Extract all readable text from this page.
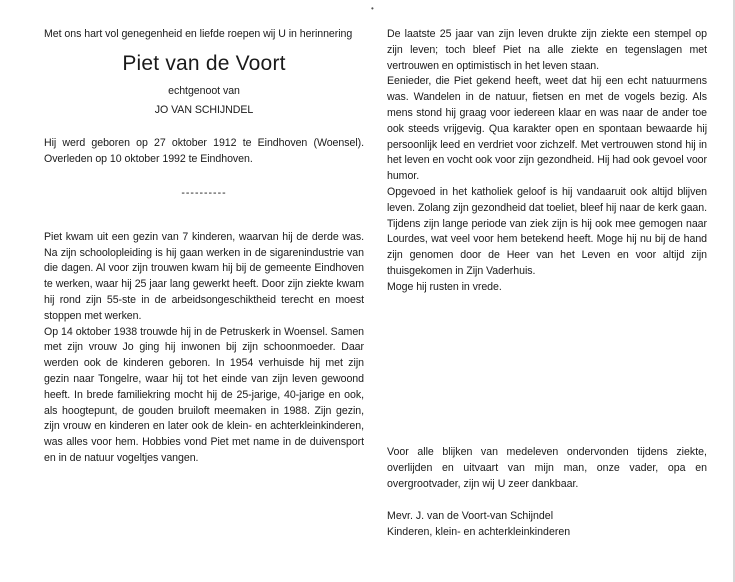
•

Met ons hart vol genegenheid en liefde roepen wij U in herinnering

Piet van de Voort

echtgenoot van

JO VAN SCHIJNDEL

Hij werd geboren op 27 oktober 1912 te Eindhoven (Woensel). Overleden op 10 oktober 1992 te Eindhoven.

----------

Piet kwam uit een gezin van 7 kinderen, waarvan hij de derde was. Na zijn schoolopleiding is hij gaan werken in de sigarenindustrie van die dagen. Al voor zijn trouwen kwam hij bij de gemeente Eindhoven te werken, waar hij 25 jaar lang gewerkt heeft. Door zijn ziekte kwam hij rond zijn 55-ste in de arbeidsongeschiktheid terecht en moest stoppen met werken.

Op 14 oktober 1938 trouwde hij in de Petruskerk in Woensel. Samen met zijn vrouw Jo ging hij inwonen bij zijn schoonmoeder. Daar werden ook de kinderen geboren. In 1954 verhuisde hij met zijn gezin naar Tongelre, waar hij tot het einde van zijn leven gewoond heeft. In brede familiekring mocht hij de 25-jarige, 40-jarige en ook, als hoogtepunt, de gouden bruiloft meemaken in 1988. Zijn gezin, zijn vrouw en kinderen en later ook de klein- en achterkleinkinderen, was alles voor hem. Hobbies vond Piet met name in de duivensport en in de natuur vogeltjes vangen.

De laatste 25 jaar van zijn leven drukte zijn ziekte een stempel op zijn leven; toch bleef Piet na alle ziekte en tegenslagen met vertrouwen en optimistisch in het leven staan.

Eenieder, die Piet gekend heeft, weet dat hij een echt natuurmens was. Wandelen in de natuur, fietsen en met de vogels bezig. Als mens stond hij graag voor iedereen klaar en was naar de ander toe ook steeds vrijgevig. Qua karakter open en spontaan bewaarde hij persoonlijk leed en verdriet voor zichzelf. Met vertrouwen stond hij in het leven en vocht ook voor zijn gezondheid. Hij had ook gevoel voor humor.

Opgevoed in het katholiek geloof is hij vandaaruit ook altijd blijven leven. Zolang zijn gezondheid dat toeliet, bleef hij naar de kerk gaan. Tijdens zijn lange periode van ziek zijn is hij ook mee gemogen naar Lourdes, wat veel voor hem betekend heeft. Moge hij nu bij de hand zijn genomen door de Heer van het Leven en voor altijd zijn thuisgekomen in Zijn Vaderhuis.

Moge hij rusten in vrede.

Voor alle blijken van medeleven ondervonden tijdens ziekte, overlijden en uitvaart van mijn man, onze vader, opa en overgrootvader, zijn wij U zeer dankbaar.

Mevr. J. van de Voort-van Schijndel

Kinderen, klein- en achterkleinkinderen
